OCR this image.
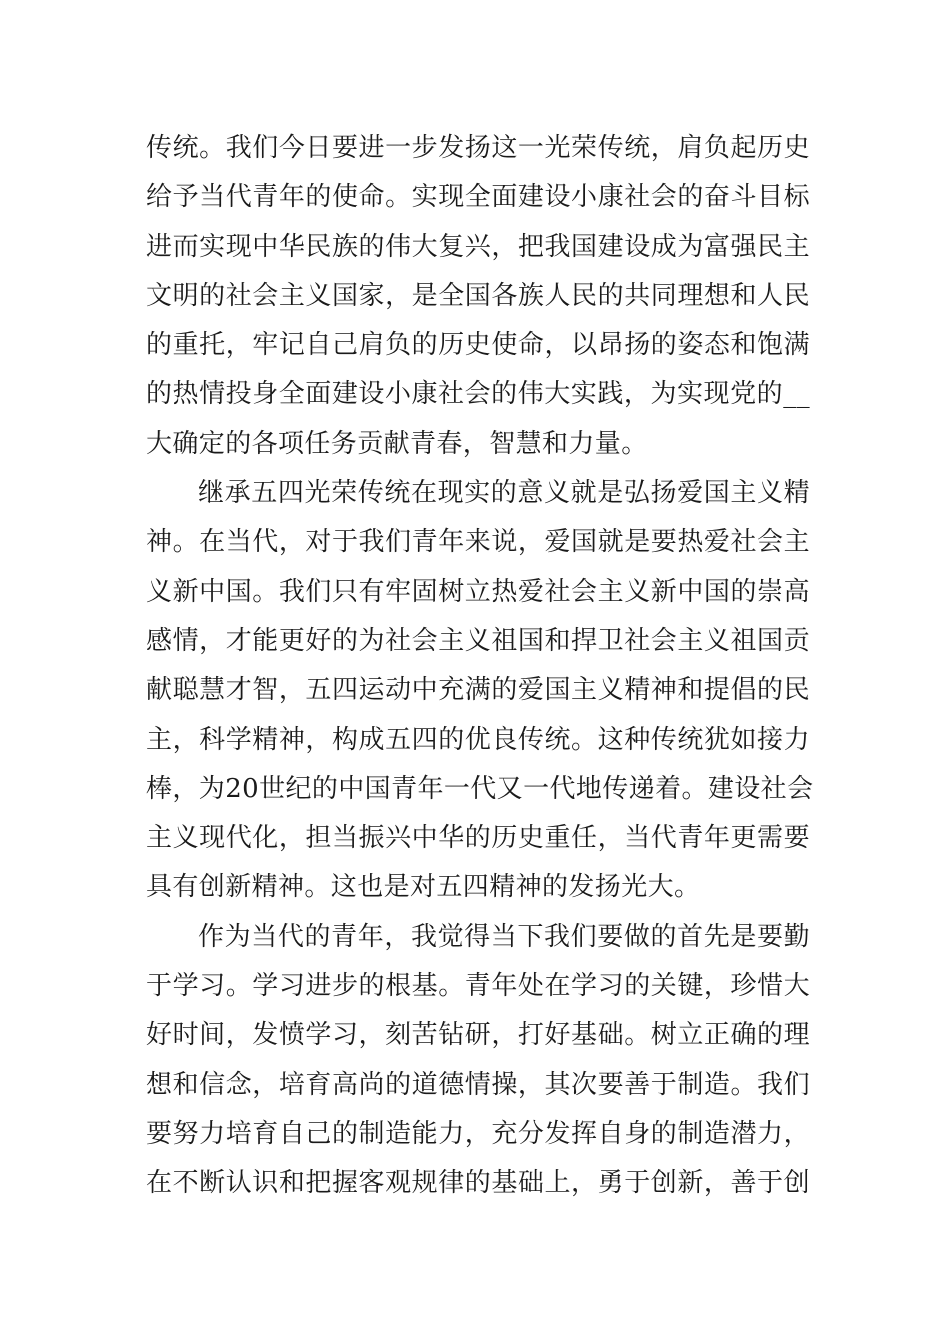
传统。我们今日要进一步发扬这一光荣传统，肩负起历史
给予当代青年的使命。实现全面建设小康社会的奋斗目标
进而实现中华民族的伟大复兴，把我国建设成为富强民主
文明的社会主义国家，是全国各族人民的共同理想和人民
的重托，牢记自己肩负的历史使命，以昂扬的姿态和饱满
的热情投身全面建设小康社会的伟大实践，为实现党的__
大确定的各项任务贡献青春，智慧和力量。
继承五四光荣传统在现实的意义就是弘扬爱国主义精
神。在当代，对于我们青年来说，爱国就是要热爱社会主
义新中国。我们只有牢固树立热爱社会主义新中国的崇高
感情，才能更好的为社会主义祖国和捍卫社会主义祖国贡
献聪慧才智，五四运动中充满的爱国主义精神和提倡的民
主，科学精神，构成五四的优良传统。这种传统犹如接力
棒，为20世纪的中国青年一代又一代地传递着。建设社会
主义现代化，担当振兴中华的历史重任，当代青年更需要
具有创新精神。这也是对五四精神的发扬光大。
作为当代的青年，我觉得当下我们要做的首先是要勤
于学习。学习进步的根基。青年处在学习的关键，珍惜大
好时间，发愤学习，刻苦钻研，打好基础。树立正确的理
想和信念，培育高尚的道德情操，其次要善于制造。我们
要努力培育自己的制造能力，充分发挥自身的制造潜力，
在不断认识和把握客观规律的基础上，勇于创新，善于创
